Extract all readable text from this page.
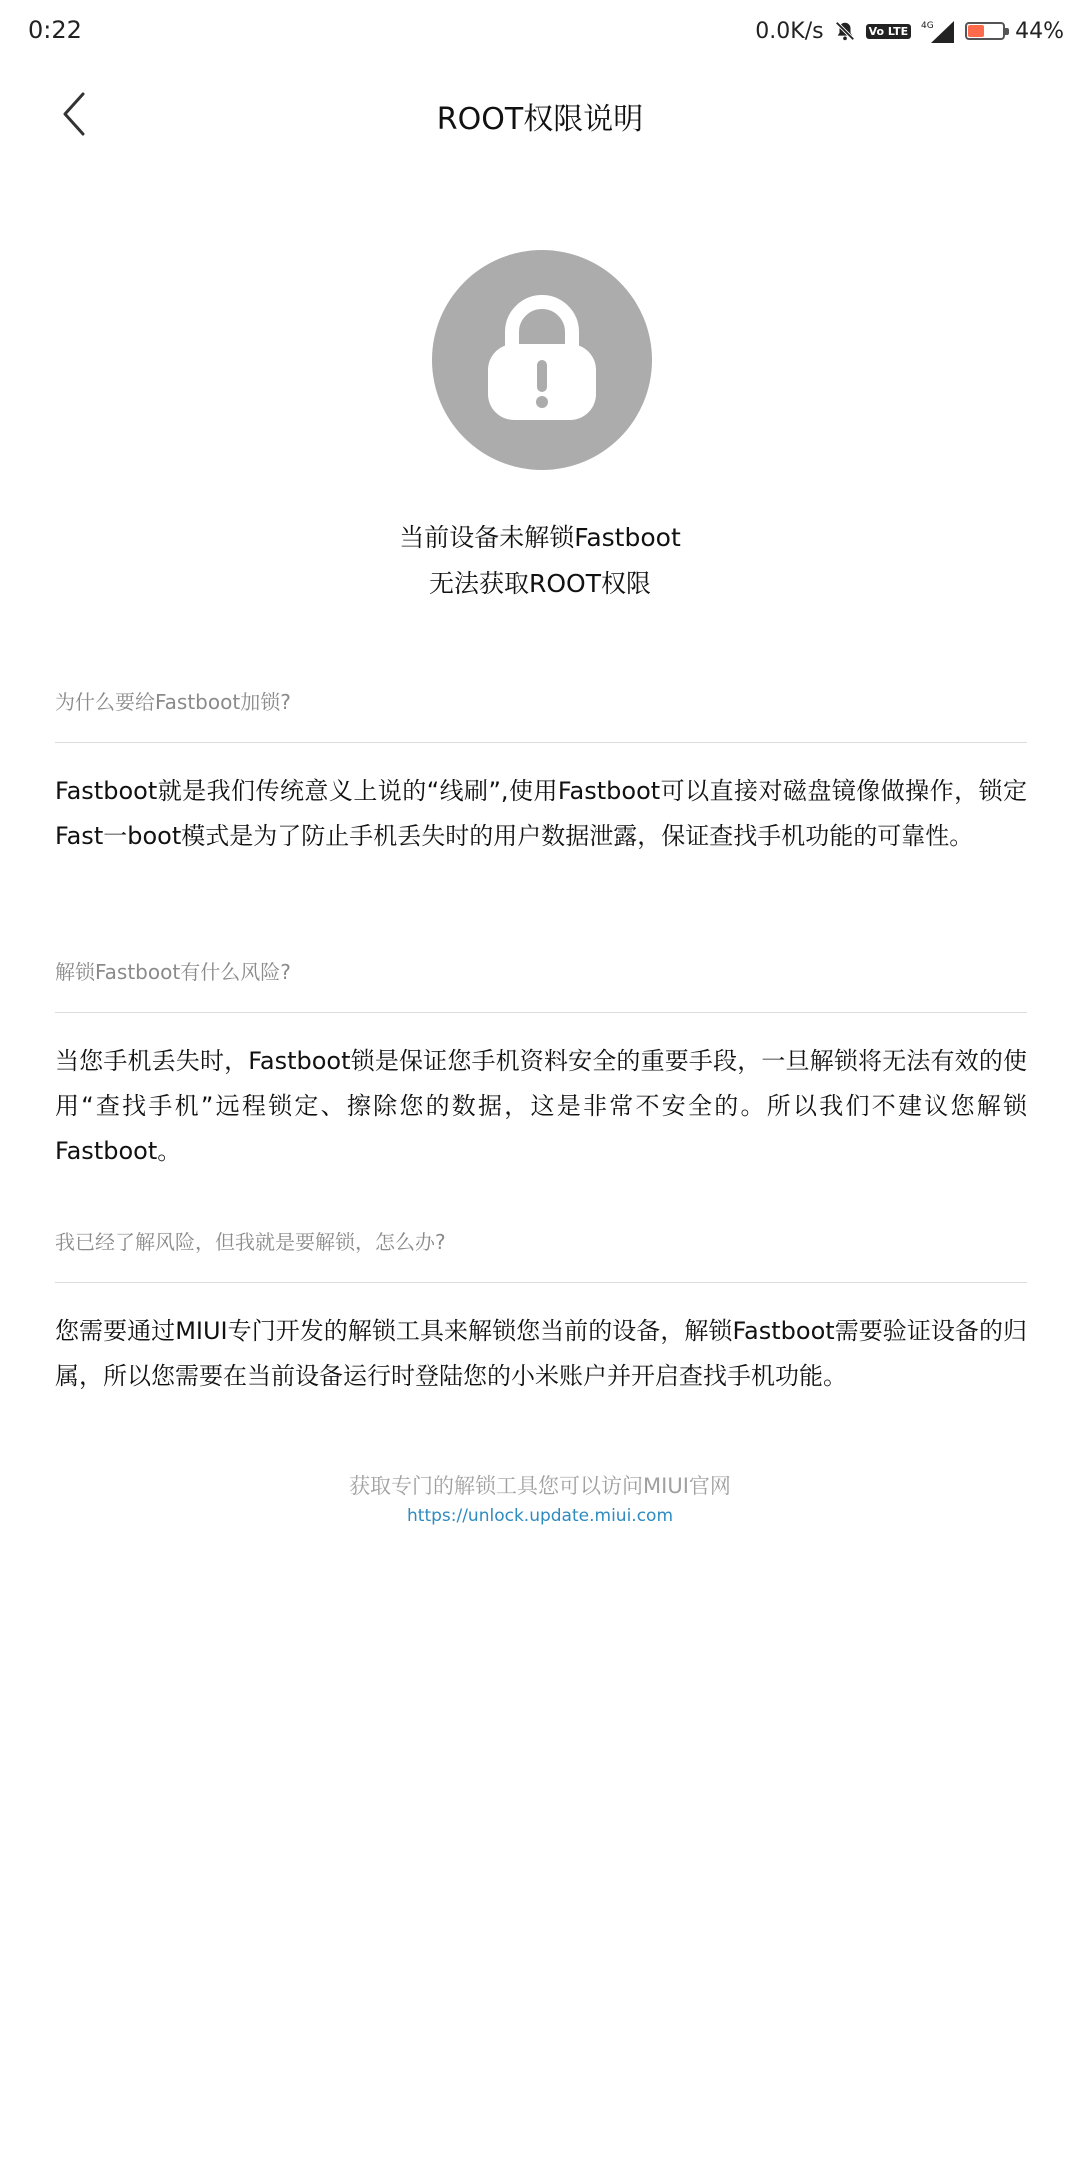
0:22	0.0K/s	Vo LTE	4G	44%
ROOT权限说明
当前设备未解锁Fastboot
无法获取ROOT权限
为什么要给Fastboot加锁?
Fastboot就是我们传统意义上说的“线刷”,使用Fastboot可以直接对磁盘镜像做操作，锁定Fast一boot模式是为了防止手机丢失时的用户数据泄露，保证查找手机功能的可靠性。
解锁Fastboot有什么风险?
当您手机丢失时，Fastboot锁是保证您手机资料安全的重要手段，一旦解锁将无法有效的使用“查找手机”远程锁定、擦除您的数据，这是非常不安全的。所以我们不建议您解锁Fastboot。
我已经了解风险，但我就是要解锁，怎么办?
您需要通过MIUI专门开发的解锁工具来解锁您当前的设备，解锁Fastboot需要验证设备的归属，所以您需要在当前设备运行时登陆您的小米账户并开启查找手机功能。
获取专门的解锁工具您可以访问MIUI官网
https://unlock.update.miui.com
